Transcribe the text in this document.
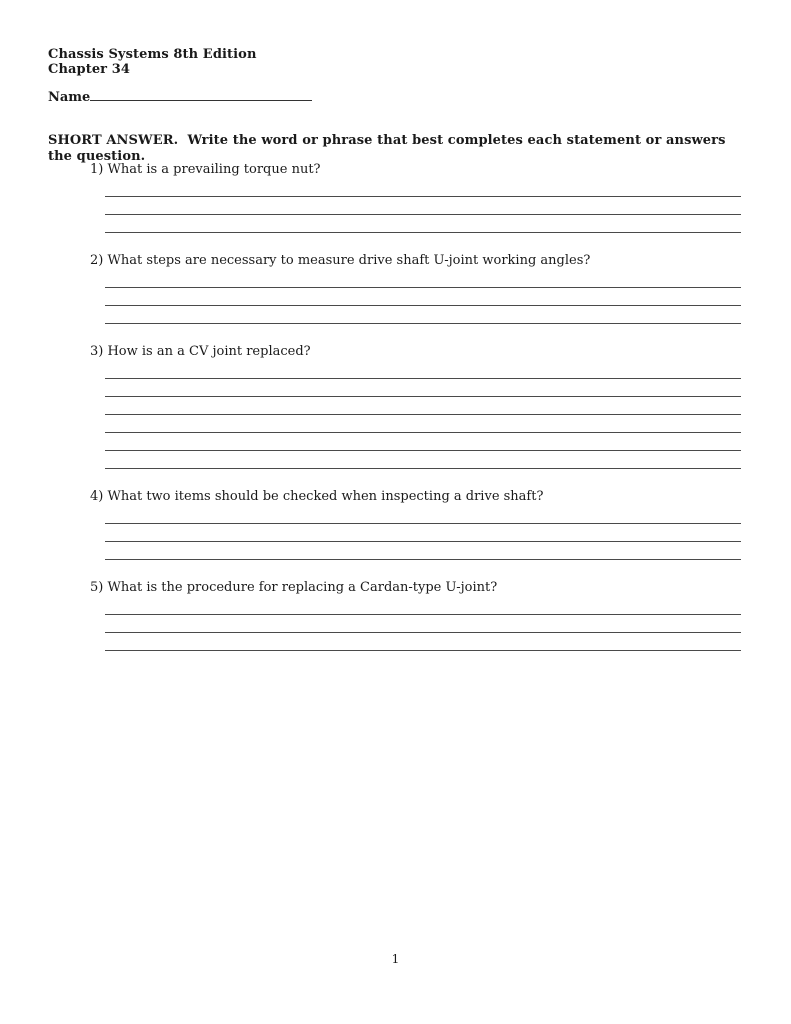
Chassis Systems 8th Edition
Chapter 34
Name
SHORT ANSWER.  Write the word or phrase that best completes each statement or answers the question.
1) What is a prevailing torque nut?
2) What steps are necessary to measure drive shaft U-joint working angles?
3) How is an a CV joint replaced?
4) What two items should be checked when inspecting a drive shaft?
5) What is the procedure for replacing a Cardan-type U-joint?
1
